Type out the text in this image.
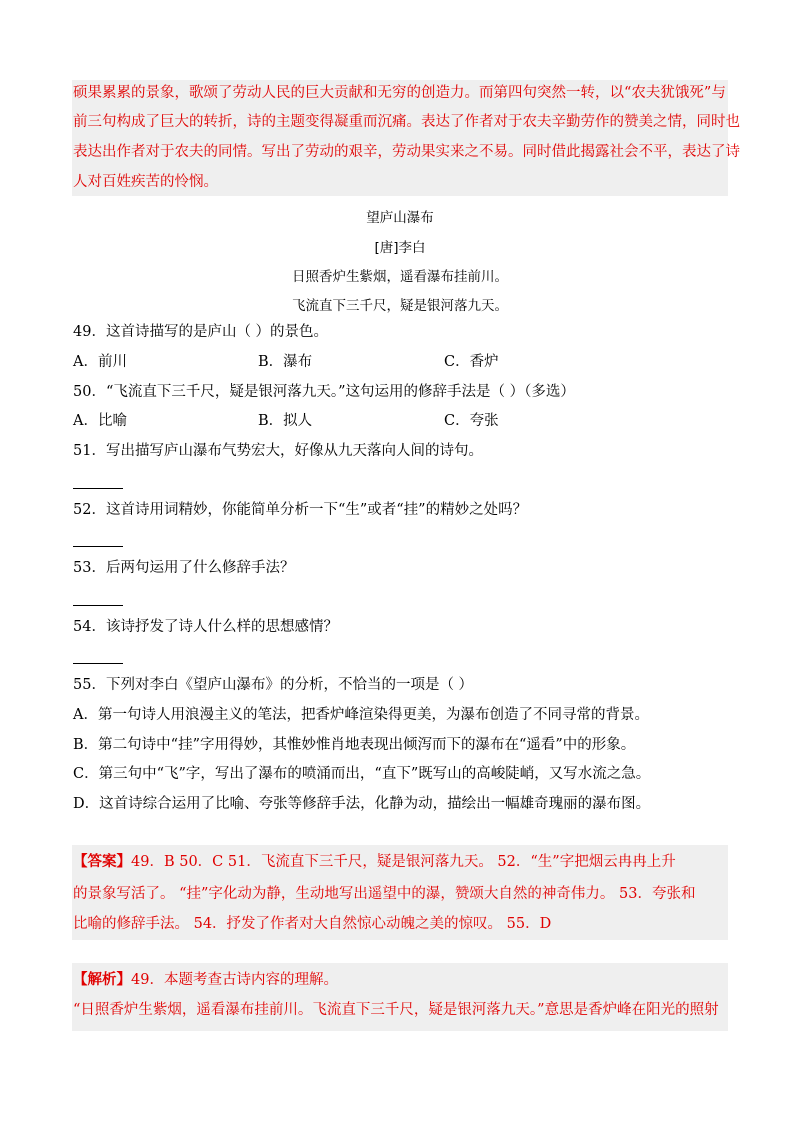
硕果累累的景象，歌颂了劳动人民的巨大贡献和无穷的创造力。而第四句突然一转，以“农夫犹饿死”与
前三句构成了巨大的转折，诗的主题变得凝重而沉痛。表达了作者对于农夫辛勤劳作的赞美之情，同时也
表达出作者对于农夫的同情。写出了劳动的艰辛，劳动果实来之不易。同时借此揭露社会不平，表达了诗
人对百姓疾苦的怜悯。
望庐山瀑布
[唐]李白
日照香炉生紫烟，遥看瀑布挂前川。
飞流直下三千尺，疑是银河落九天。
49．这首诗描写的是庐山（ ）的景色。
A．前川	B．瀑布	C．香炉
50．“飞流直下三千尺，疑是银河落九天。”这句运用的修辞手法是（ ）（多选）
A．比喻	B．拟人	C．夸张
51．写出描写庐山瀑布气势宏大，好像从九天落向人间的诗句。
52．这首诗用词精妙，你能简单分析一下“生”或者“挂”的精妙之处吗？
53．后两句运用了什么修辞手法？
54．该诗抒发了诗人什么样的思想感情？
55．下列对李白《望庐山瀑布》的分析，不恰当的一项是（ ）
A．第一句诗人用浪漫主义的笔法，把香炉峰渲染得更美，为瀑布创造了不同寻常的背景。
B．第二句诗中“挂”字用得妙，其惟妙惟肖地表现出倾泻而下的瀑布在“遥看”中的形象。
C．第三句中“飞”字，写出了瀑布的喷涌而出，“直下”既写山的高峻陡峭，又写水流之急。
D．这首诗综合运用了比喻、夸张等修辞手法，化静为动，描绘出一幅雄奇瑰丽的瀑布图。
【答案】49．B 50．C 51．飞流直下三千尺，疑是银河落九天。 52．“生”字把烟云冉冉上升
的景象写活了。 “挂”字化动为静，生动地写出遥望中的瀑，赞颂大自然的神奇伟力。 53．夸张和
比喻的修辞手法。 54．抒发了作者对大自然惊心动魄之美的惊叹。 55．D
【解析】49．本题考查古诗内容的理解。
“日照香炉生紫烟，遥看瀑布挂前川。飞流直下三千尺，疑是银河落九天。”意思是香炉峰在阳光的照射
